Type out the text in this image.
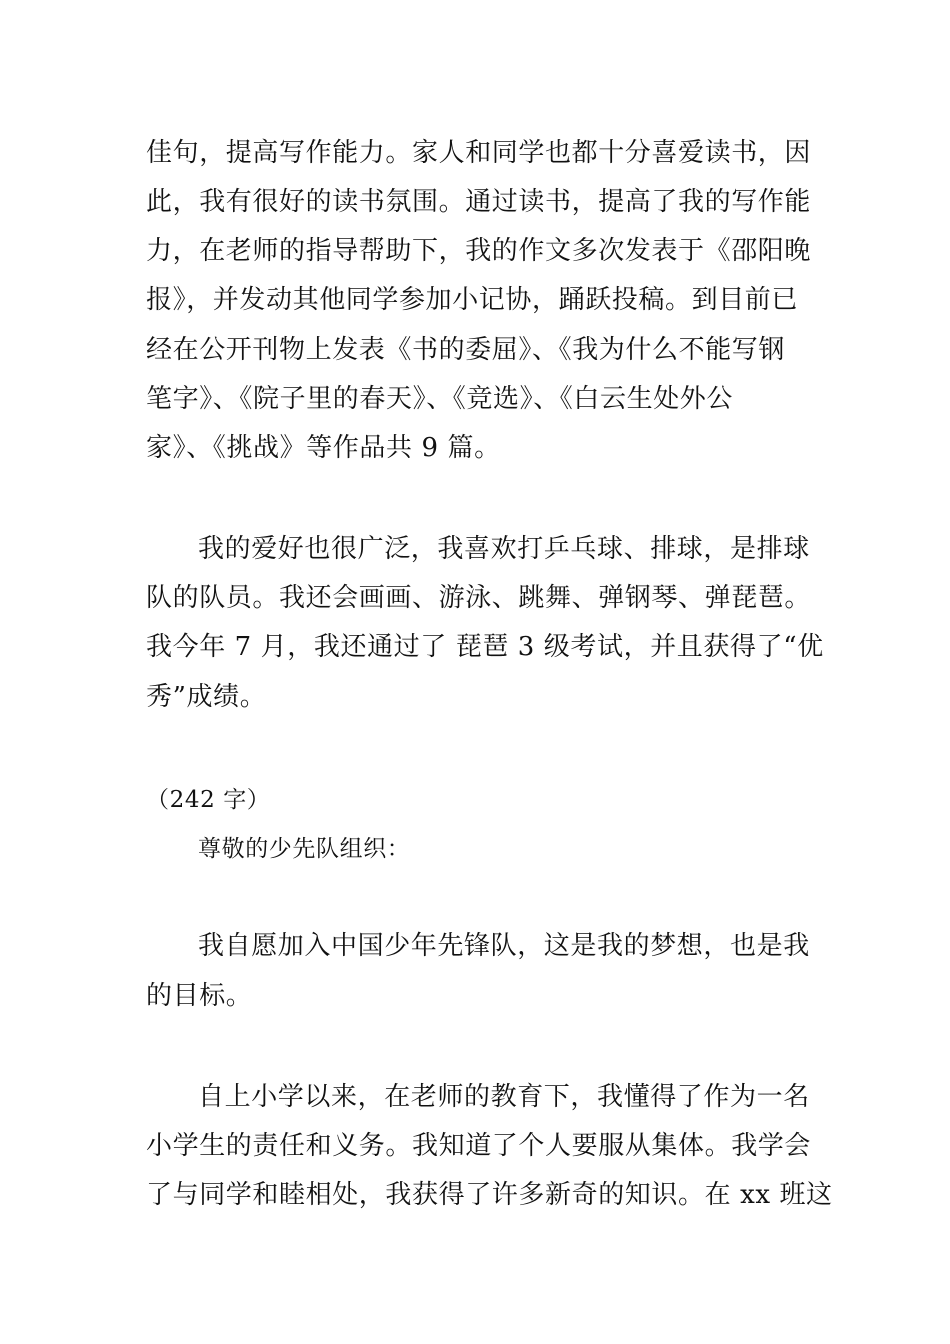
佳句，提高写作能力。家人和同学也都十分喜爱读书，因
此，我有很好的读书氛围。通过读书，提高了我的写作能
力，在老师的指导帮助下，我的作文多次发表于《邵阳晚
报》，并发动其他同学参加小记协，踊跃投稿。到目前已
经在公开刊物上发表《书的委屈》、《我为什么不能写钢
笔字》、《院子里的春天》、《竞选》、《白云生处外公
家》、《挑战》等作品共 9 篇。
我的爱好也很广泛，我喜欢打乒乓球、排球，是排球
队的队员。我还会画画、游泳、跳舞、弹钢琴、弹琵琶。
我今年 7 月，我还通过了 琵琶 3 级考试，并且获得了“优
秀”成绩。
（242 字）
尊敬的少先队组织：
我自愿加入中国少年先锋队，这是我的梦想，也是我
的目标。
自上小学以来，在老师的教育下，我懂得了作为一名
小学生的责任和义务。我知道了个人要服从集体。我学会
了与同学和睦相处，我获得了许多新奇的知识。在 xx 班这
